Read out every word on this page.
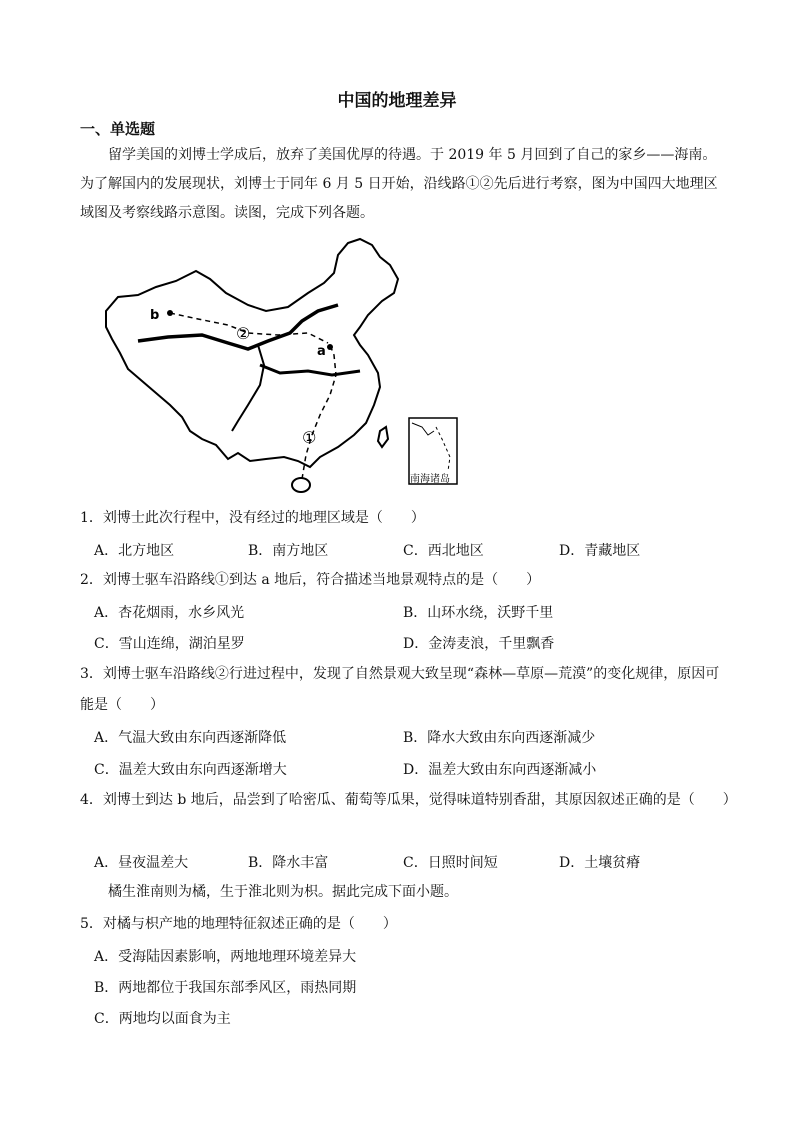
中国的地理差异
一、单选题
留学美国的刘博士学成后，放弃了美国优厚的待遇。于 2019 年 5 月回到了自己的家乡——海南。为了解国内的发展现状，刘博士于同年 6 月 5 日开始，沿线路①②先后进行考察，图为中国四大地理区域图及考察线路示意图。读图，完成下列各题。
a
b
②
①
南海诸岛
1．刘博士此次行程中，没有经过的地理区域是（　　）
A．北方地区	B．南方地区	C．西北地区	D．青藏地区
2．刘博士驱车沿路线①到达 a 地后，符合描述当地景观特点的是（　　）
A．杏花烟雨，水乡风光	B．山环水绕，沃野千里
C．雪山连绵，湖泊星罗	D．金涛麦浪，千里飘香
3．刘博士驱车沿路线②行进过程中，发现了自然景观大致呈现“森林—草原—荒漠”的变化规律，原因可能是（　　）
A．气温大致由东向西逐渐降低	B．降水大致由东向西逐渐减少
C．温差大致由东向西逐渐增大	D．温差大致由东向西逐渐减小
4．刘博士到达 b 地后，品尝到了哈密瓜、葡萄等瓜果，觉得味道特别香甜，其原因叙述正确的是（　　）
A．昼夜温差大	B．降水丰富	C．日照时间短	D．土壤贫瘠
橘生淮南则为橘，生于淮北则为枳。据此完成下面小题。
5．对橘与枳产地的地理特征叙述正确的是（　　）
A．受海陆因素影响，两地地理环境差异大
B．两地都位于我国东部季风区，雨热同期
C．两地均以面食为主
